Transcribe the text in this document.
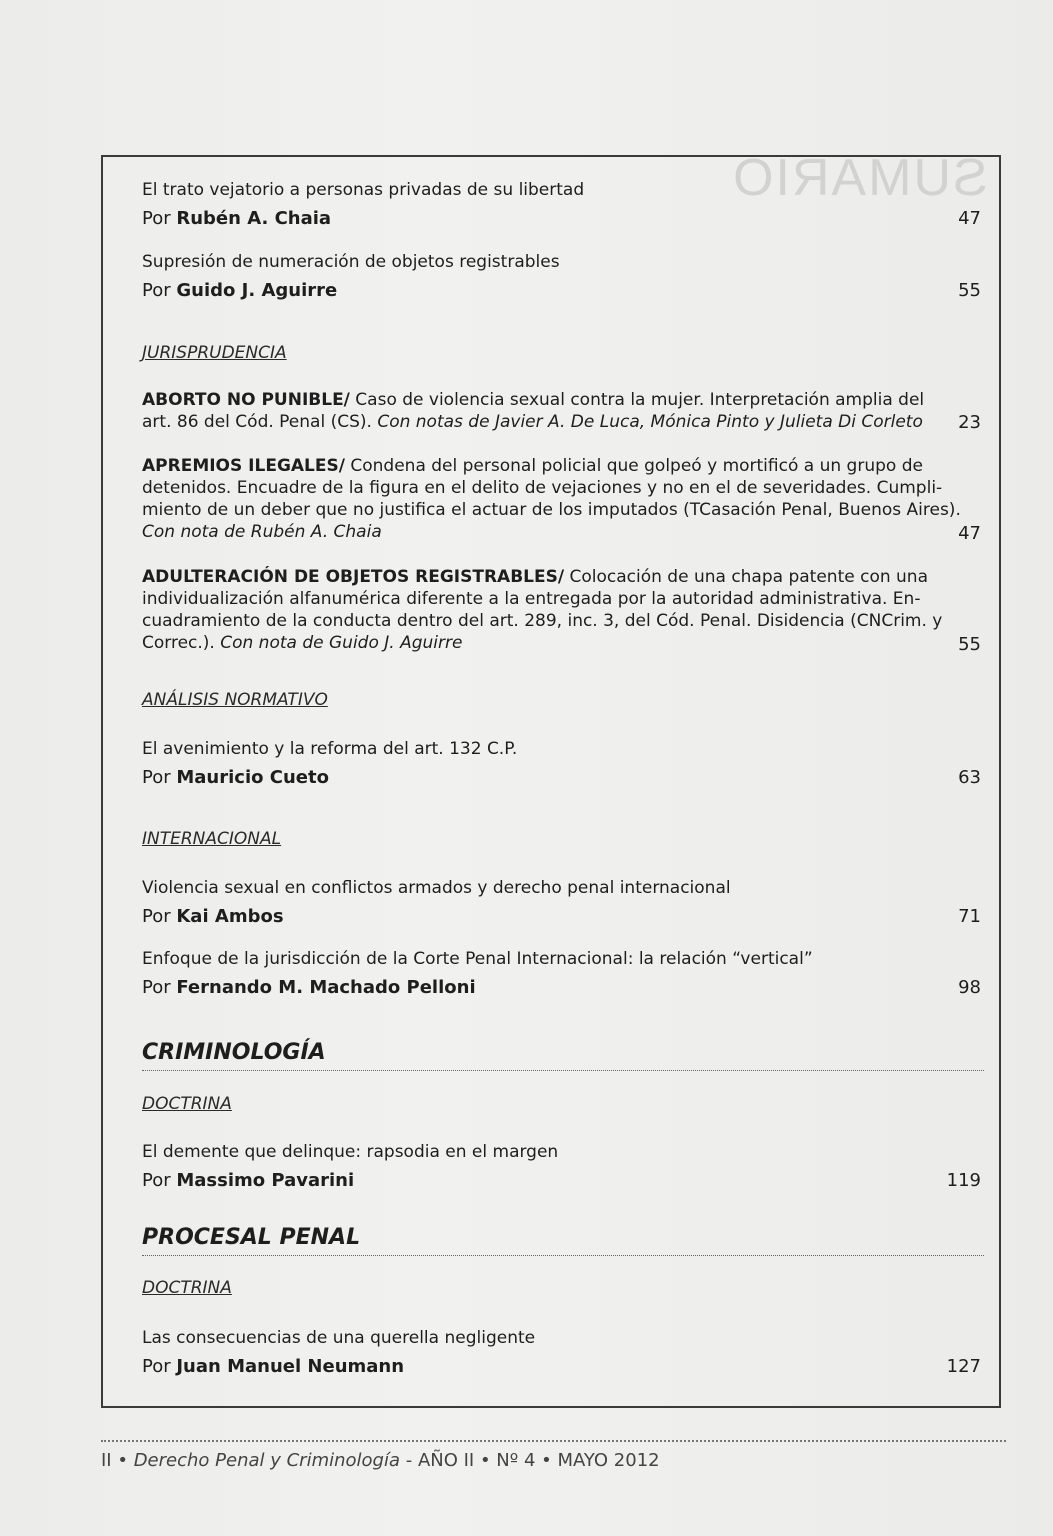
SUMARIO
El trato vejatorio a personas privadas de su libertad
Por Rubén A. Chaia	47
Supresión de numeración de objetos registrables
Por Guido J. Aguirre	55
JURISPRUDENCIA
ABORTO NO PUNIBLE/ Caso de violencia sexual contra la mujer. Interpretación amplia del
art. 86 del Cód. Penal (CS). Con notas de Javier A. De Luca, Mónica Pinto y Julieta Di Corleto	23
APREMIOS ILEGALES/ Condena del personal policial que golpeó y mortificó a un grupo de
detenidos. Encuadre de la figura en el delito de vejaciones y no en el de severidades. Cumpli-
miento de un deber que no justifica el actuar de los imputados (TCasación Penal, Buenos Aires).
Con nota de Rubén A. Chaia	47
ADULTERACIÓN DE OBJETOS REGISTRABLES/ Colocación de una chapa patente con una
individualización alfanumérica diferente a la entregada por la autoridad administrativa. En-
cuadramiento de la conducta dentro del art. 289, inc. 3, del Cód. Penal. Disidencia (CNCrim. y
Correc.). Con nota de Guido J. Aguirre	55
ANÁLISIS NORMATIVO
El avenimiento y la reforma del art. 132 C.P.
Por Mauricio Cueto	63
INTERNACIONAL
Violencia sexual en conflictos armados y derecho penal internacional
Por Kai Ambos	71
Enfoque de la jurisdicción de la Corte Penal Internacional: la relación “vertical”
Por Fernando M. Machado Pelloni	98
CRIMINOLOGÍA
DOCTRINA
El demente que delinque: rapsodia en el margen
Por Massimo Pavarini	119
PROCESAL PENAL
DOCTRINA
Las consecuencias de una querella negligente
Por Juan Manuel Neumann	127
II • Derecho Penal y Criminología - AÑO II • Nº 4 • MAYO 2012
